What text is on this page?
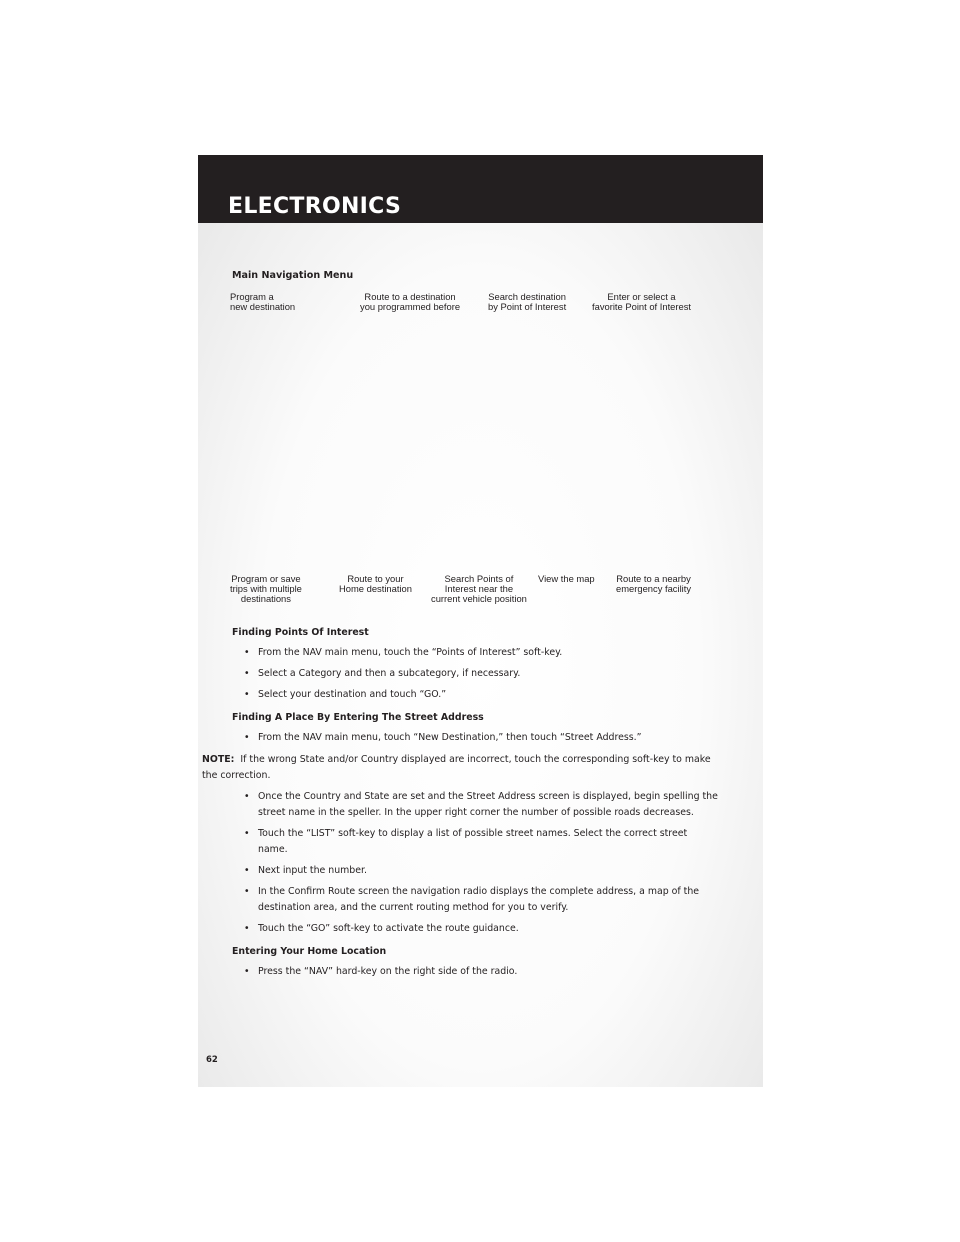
ELECTRONICS
Main Navigation Menu
Program a
new destination
Route to a destination
you programmed before
Search destination
by Point of Interest
Enter or select a
favorite Point of Interest
Program or save
trips with multiple
destinations
Route to your
Home destination
Search Points of
Interest near the
current vehicle position
View the map Route to a nearby
emergency facility
Finding Points Of Interest
• From the NAV main menu, touch the “Points of Interest” soft-key.
• Select a Category and then a subcategory, if necessary.
• Select your destination and touch “GO.”
Finding A Place By Entering The Street Address
• From the NAV main menu, touch “New Destination,” then touch “Street Address.”
NOTE: If the wrong State and/or Country displayed are incorrect, touch the corresponding soft-key to make the correction.
• Once the Country and State are set and the Street Address screen is displayed, begin spelling the street name in the speller. In the upper right corner the number of possible roads decreases.
• Touch the “LIST” soft-key to display a list of possible street names. Select the correct street name.
• Next input the number.
• In the Confirm Route screen the navigation radio displays the complete address, a map of the destination area, and the current routing method for you to verify.
• Touch the “GO” soft-key to activate the route guidance.
Entering Your Home Location
• Press the “NAV” hard-key on the right side of the radio.
62
